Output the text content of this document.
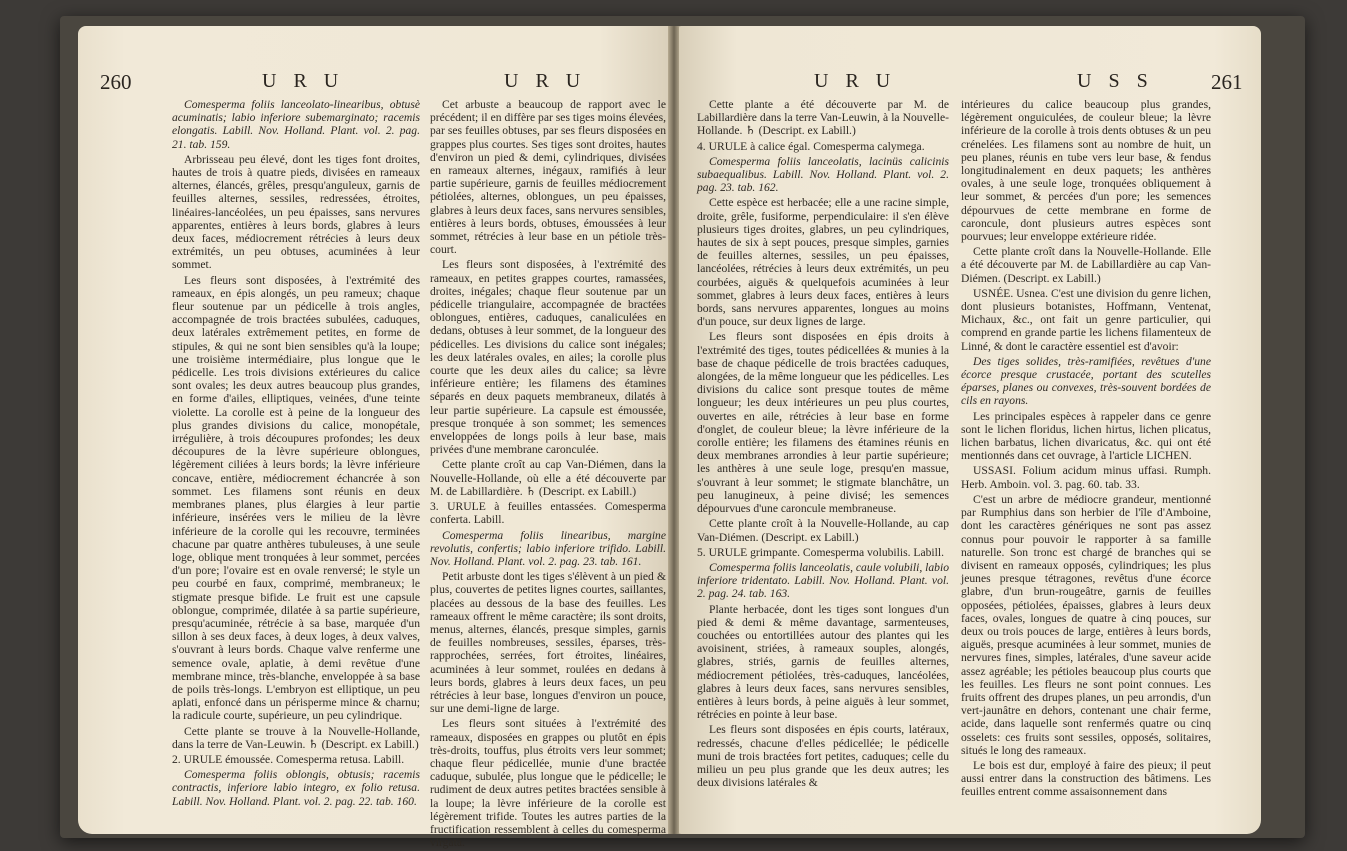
260	U R U	U R U

Comesperma foliis lanceolato-linearibus, obtusè acuminatis; labio inferiore subemarginato; racemis elongatis. Labill. Nov. Holland. Plant. vol. 2. pag. 21. tab. 159.

Arbrisseau peu élevé, dont les tiges font droites, hautes de trois à quatre pieds, divisées en rameaux alternes, élancés, grêles, presqu'anguleux, garnis de feuilles alternes, sessiles, redressées, étroites, linéaires-lancéolées, un peu épaisses, sans nervures apparentes, entières à leurs bords, glabres à leurs deux faces, médiocrement rétrécies à leurs deux extrémités, un peu obtuses, acuminées à leur sommet.

Les fleurs sont disposées, à l'extrémité des rameaux, en épis alongés, un peu rameux; chaque fleur soutenue par un pédicelle à trois angles, accompagnée de trois bractées subulées, caduques, deux latérales extrêmement petites, en forme de stipules, & qui ne sont bien sensibles qu'à la loupe; une troisième intermédiaire, plus longue que le pédicelle. Les trois divisions extérieures du calice sont ovales; les deux autres beaucoup plus grandes, en forme d'ailes, elliptiques, veinées, d'une teinte violette. La corolle est à peine de la longueur des plus grandes divisions du calice, monopétale, irrégulière, à trois découpures profondes; les deux découpures de la lèvre supérieure oblongues, légèrement ciliées à leurs bords; la lèvre inférieure concave, entière, médiocrement échancrée à son sommet. Les filamens sont réunis en deux membranes planes, plus élargies à leur partie inférieure, insérées vers le milieu de la lèvre inférieure de la corolle qui les recouvre, terminées chacune par quatre anthères tubuleuses, à une seule loge, oblique ment tronquées à leur sommet, percées d'un pore; l'ovaire est en ovale renversé; le style un peu courbé en faux, comprimé, membraneux; le stigmate presque bifide. Le fruit est une capsule oblongue, comprimée, dilatée à sa partie supérieure, presqu'acuminée, rétrécie à sa base, marquée d'un sillon à ses deux faces, à deux loges, à deux valves, s'ouvrant à leurs bords. Chaque valve renferme une semence ovale, aplatie, à demi revêtue d'une membrane mince, très-blanche, enveloppée à sa base de poils très-longs. L'embryon est elliptique, un peu aplati, enfoncé dans un périsperme mince & charnu; la radicule courte, supérieure, un peu cylindrique.

Cette plante se trouve à la Nouvelle-Hollande, dans la terre de Van-Leuwin. ♄ (Descript. ex Labill.)

2. URULE émoussée. Comesperma retusa. Labill.

Comesperma foliis oblongis, obtusis; racemis contractis, inferiore labio integro, ex folio retusa. Labill. Nov. Holland. Plant. vol. 2. pag. 22. tab. 160.

Cet arbuste a beaucoup de rapport avec le précédent; il en diffère par ses tiges moins élevées, par ses feuilles obtuses, par ses fleurs disposées en grappes plus courtes. Ses tiges sont droites, hautes d'environ un pied & demi, cylindriques, divisées en rameaux alternes, inégaux, ramifiés à leur partie supérieure, garnis de feuilles médiocrement pétiolées, alternes, oblongues, un peu épaisses, glabres à leurs deux faces, sans nervures sensibles, entières à leurs bords, obtuses, émoussées à leur sommet, rétrécies à leur base en un pétiole très-court.

Les fleurs sont disposées, à l'extrémité des rameaux, en petites grappes courtes, ramassées, droites, inégales; chaque fleur soutenue par un pédicelle triangulaire, accompagnée de bractées oblongues, entières, caduques, canaliculées en dedans, obtuses à leur sommet, de la longueur des pédicelles. Les divisions du calice sont inégales; les deux latérales ovales, en ailes; la corolle plus courte que les deux ailes du calice; sa lèvre inférieure entière; les filamens des étamines séparés en deux paquets membraneux, dilatés à leur partie supérieure. La capsule est émoussée, presque tronquée à son sommet; les semences enveloppées de longs poils à leur base, mais privées d'une membrane caronculée.

Cette plante croît au cap Van-Diémen, dans la Nouvelle-Hollande, où elle a été découverte par M. de Labillardière. ♄ (Descript. ex Labill.)

3. URULE à feuilles entassées. Comesperma conferta. Labill.

Comesperma foliis linearibus, margine revolutis, confertis; labio inferiore trifido. Labill. Nov. Holland. Plant. vol. 2. pag. 23. tab. 161.

Petit arbuste dont les tiges s'élèvent à un pied & plus, couvertes de petites lignes courtes, saillantes, placées au dessous de la base des feuilles. Les rameaux offrent le même caractère; ils sont droits, menus, alternes, élancés, presque simples, garnis de feuilles nombreuses, sessiles, éparses, très-rapprochées, serrées, fort étroites, linéaires, acuminées à leur sommet, roulées en dedans à leurs bords, glabres à leurs deux faces, un peu rétrécies à leur base, longues d'environ un pouce, sur une demi-ligne de large.

Les fleurs sont situées à l'extrémité des rameaux, disposées en grappes ou plutôt en épis très-droits, touffus, plus étroits vers leur sommet; chaque fleur pédicellée, munie d'une bractée caduque, subulée, plus longue que le pédicelle; le rudiment de deux autres petites bractées sensible à la loupe; la lèvre inférieure de la corolle est légèrement trifide. Toutes les autres parties de la fructification ressemblent à celles du comesperma virgata.

U R U	U S S	261

Cette plante a été découverte par M. de Labillardière dans la terre Van-Leuwin, à la Nouvelle-Hollande. ♄ (Descript. ex Labill.)

4. URULE à calice égal. Comesperma calymega.

Comesperma foliis lanceolatis, lacinüs calicinis subaequalibus. Labill. Nov. Holland. Plant. vol. 2. pag. 23. tab. 162.

Cette espèce est herbacée; elle a une racine simple, droite, grêle, fusiforme, perpendiculaire: il s'en élève plusieurs tiges droites, glabres, un peu cylindriques, hautes de six à sept pouces, presque simples, garnies de feuilles alternes, sessiles, un peu épaisses, lancéolées, rétrécies à leurs deux extrémités, un peu courbées, aiguës & quelquefois acuminées à leur sommet, glabres à leurs deux faces, entières à leurs bords, sans nervures apparentes, longues au moins d'un pouce, sur deux lignes de large.

Les fleurs sont disposées en épis droits à l'extrémité des tiges, toutes pédicellées & munies à la base de chaque pédicelle de trois bractées caduques, alongées, de la même longueur que les pédicelles. Les divisions du calice sont presque toutes de même longueur; les deux intérieures un peu plus courtes, ouvertes en aile, rétrécies à leur base en forme d'onglet, de couleur bleue; la lèvre inférieure de la corolle entière; les filamens des étamines réunis en deux membranes arrondies à leur partie supérieure; les anthères à une seule loge, presqu'en massue, s'ouvrant à leur sommet; le stigmate blanchâtre, un peu lanugineux, à peine divisé; les semences dépourvues d'une caroncule membraneuse.

Cette plante croît à la Nouvelle-Hollande, au cap Van-Diémen. (Descript. ex Labill.)

5. URULE grimpante. Comesperma volubilis. Labill.

Comesperma foliis lanceolatis, caule volubili, labio inferiore tridentato. Labill. Nov. Holland. Plant. vol. 2. pag. 24. tab. 163.

Plante herbacée, dont les tiges sont longues d'un pied & demi & même davantage, sarmenteuses, couchées ou entortillées autour des plantes qui les avoisinent, striées, à rameaux souples, alongés, glabres, striés, garnis de feuilles alternes, médiocrement pétiolées, très-caduques, lancéolées, glabres à leurs deux faces, sans nervures sensibles, entières à leurs bords, à peine aiguës à leur sommet, rétrécies en pointe à leur base.

Les fleurs sont disposées en épis courts, latéraux, redressés, chacune d'elles pédicellée; le pédicelle muni de trois bractées fort petites, caduques; celle du milieu un peu plus grande que les deux autres; les deux divisions latérales &

intérieures du calice beaucoup plus grandes, légèrement onguiculées, de couleur bleue; la lèvre inférieure de la corolle à trois dents obtuses & un peu crénelées. Les filamens sont au nombre de huit, un peu planes, réunis en tube vers leur base, & fendus longitudinalement en deux paquets; les anthères ovales, à une seule loge, tronquées obliquement à leur sommet, & percées d'un pore; les semences dépourvues de cette membrane en forme de caroncule, dont plusieurs autres espèces sont pourvues; leur enveloppe extérieure ridée.

Cette plante croît dans la Nouvelle-Hollande. Elle a été découverte par M. de Labillardière au cap Van-Diémen. (Descript. ex Labill.)

USNÉE. Usnea. C'est une division du genre lichen, dont plusieurs botanistes, Hoffmann, Ventenat, Michaux, &c., ont fait un genre particulier, qui comprend en grande partie les lichens filamenteux de Linné, & dont le caractère essentiel est d'avoir:

Des tiges solides, très-ramifiées, revêtues d'une écorce presque crustacée, portant des scutelles éparses, planes ou convexes, très-souvent bordées de cils en rayons.

Les principales espèces à rappeler dans ce genre sont le lichen floridus, lichen hirtus, lichen plicatus, lichen barbatus, lichen divaricatus, &c. qui ont été mentionnés dans cet ouvrage, à l'article LICHEN.

USSASI. Folium acidum minus uffasi. Rumph. Herb. Amboin. vol. 3. pag. 60. tab. 33.

C'est un arbre de médiocre grandeur, mentionné par Rumphius dans son herbier de l'île d'Amboine, dont les caractères génériques ne sont pas assez connus pour pouvoir le rapporter à sa famille naturelle. Son tronc est chargé de branches qui se divisent en rameaux opposés, cylindriques; les plus jeunes presque tétragones, revêtus d'une écorce glabre, d'un brun-rougeâtre, garnis de feuilles opposées, pétiolées, épaisses, glabres à leurs deux faces, ovales, longues de quatre à cinq pouces, sur deux ou trois pouces de large, entières à leurs bords, aiguës, presque acuminées à leur sommet, munies de nervures fines, simples, latérales, d'une saveur acide assez agréable; les pétioles beaucoup plus courts que les feuilles. Les fleurs ne sont point connues. Les fruits offrent des drupes planes, un peu arrondis, d'un vert-jaunâtre en dehors, contenant une chair ferme, acide, dans laquelle sont renfermés quatre ou cinq osselets: ces fruits sont sessiles, opposés, solitaires, situés le long des rameaux.

Le bois est dur, employé à faire des pieux; il peut aussi entrer dans la construction des bâtimens. Les feuilles entrent comme assaisonnement dans
